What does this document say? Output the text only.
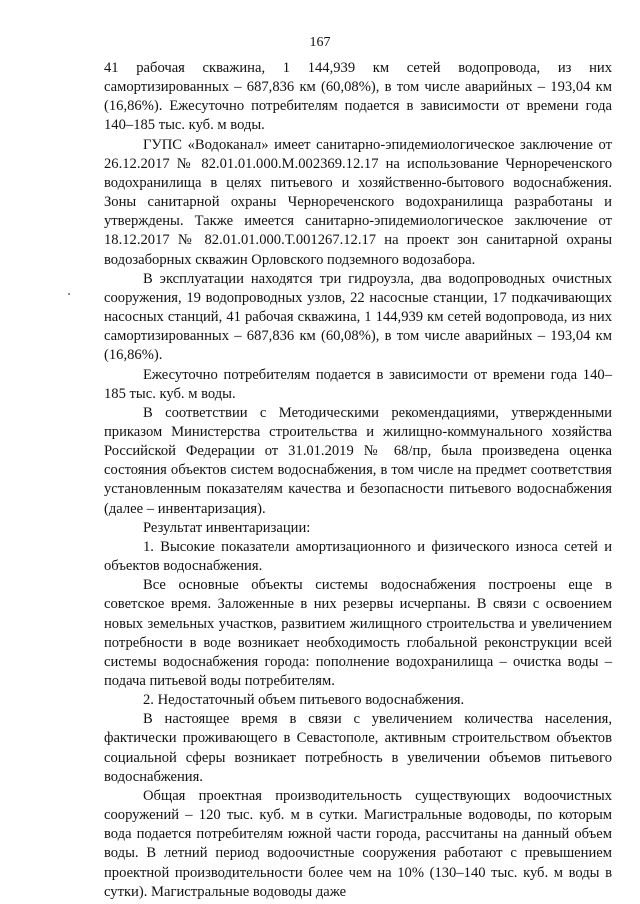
167

41 рабочая скважина, 1 144,939 км сетей водопровода, из них самортизированных – 687,836 км (60,08%), в том числе аварийных – 193,04 км (16,86%). Ежесуточно потребителям подается в зависимости от времени года 140–185 тыс. куб. м воды.

ГУПС «Водоканал» имеет санитарно-эпидемиологическое заключение от 26.12.2017 № 82.01.01.000.М.002369.12.17 на использование Чернореченского водохранилища в целях питьевого и хозяйственно-бытового водоснабжения. Зоны санитарной охраны Чернореченского водохранилища разработаны и утверждены. Также имеется санитарно-эпидемиологическое заключение от 18.12.2017 № 82.01.01.000.Т.001267.12.17 на проект зон санитарной охраны водозаборных скважин Орловского подземного водозабора.

В эксплуатации находятся три гидроузла, два водопроводных очистных сооружения, 19 водопроводных узлов, 22 насосные станции, 17 подкачивающих насосных станций, 41 рабочая скважина, 1 144,939 км сетей водопровода, из них самортизированных – 687,836 км (60,08%), в том числе аварийных – 193,04 км (16,86%).

Ежесуточно потребителям подается в зависимости от времени года 140–185 тыс. куб. м воды.

В соответствии с Методическими рекомендациями, утвержденными приказом Министерства строительства и жилищно-коммунального хозяйства Российской Федерации от 31.01.2019 № 68/пр, была произведена оценка состояния объектов систем водоснабжения, в том числе на предмет соответствия установленным показателям качества и безопасности питьевого водоснабжения (далее – инвентаризация).

Результат инвентаризации:

1. Высокие показатели амортизационного и физического износа сетей и объектов водоснабжения.

Все основные объекты системы водоснабжения построены еще в советское время. Заложенные в них резервы исчерпаны. В связи с освоением новых земельных участков, развитием жилищного строительства и увеличением потребности в воде возникает необходимость глобальной реконструкции всей системы водоснабжения города: пополнение водохранилища – очистка воды – подача питьевой воды потребителям.

2. Недостаточный объем питьевого водоснабжения.

В настоящее время в связи с увеличением количества населения, фактически проживающего в Севастополе, активным строительством объектов социальной сферы возникает потребность в увеличении объемов питьевого водоснабжения.

Общая проектная производительность существующих водоочистных сооружений – 120 тыс. куб. м в сутки. Магистральные водоводы, по которым вода подается потребителям южной части города, рассчитаны на данный объем воды. В летний период водоочистные сооружения работают с превышением проектной производительности более чем на 10% (130–140 тыс. куб. м воды в сутки). Магистральные водоводы даже
